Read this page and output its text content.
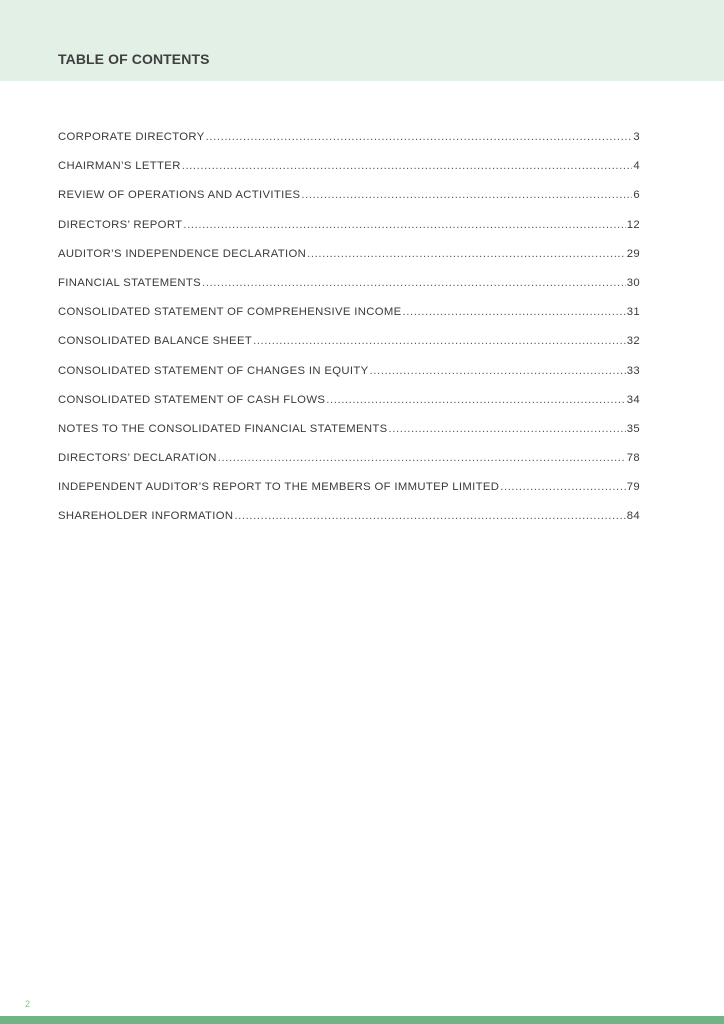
TABLE OF CONTENTS
CORPORATE DIRECTORY .....	3
CHAIRMAN’S LETTER .....	4
REVIEW OF OPERATIONS AND ACTIVITIES .....	6
DIRECTORS’ REPORT .....	12
AUDITOR’S INDEPENDENCE DECLARATION .....	29
FINANCIAL STATEMENTS .....	30
CONSOLIDATED STATEMENT OF COMPREHENSIVE INCOME .....	31
CONSOLIDATED BALANCE SHEET .....	32
CONSOLIDATED STATEMENT OF CHANGES IN EQUITY .....	33
CONSOLIDATED STATEMENT OF CASH FLOWS .....	34
NOTES TO THE CONSOLIDATED FINANCIAL STATEMENTS .....	35
DIRECTORS’ DECLARATION .....	78
INDEPENDENT AUDITOR’S REPORT TO THE MEMBERS OF IMMUTEP LIMITED .....	79
SHAREHOLDER INFORMATION .....	84

2
